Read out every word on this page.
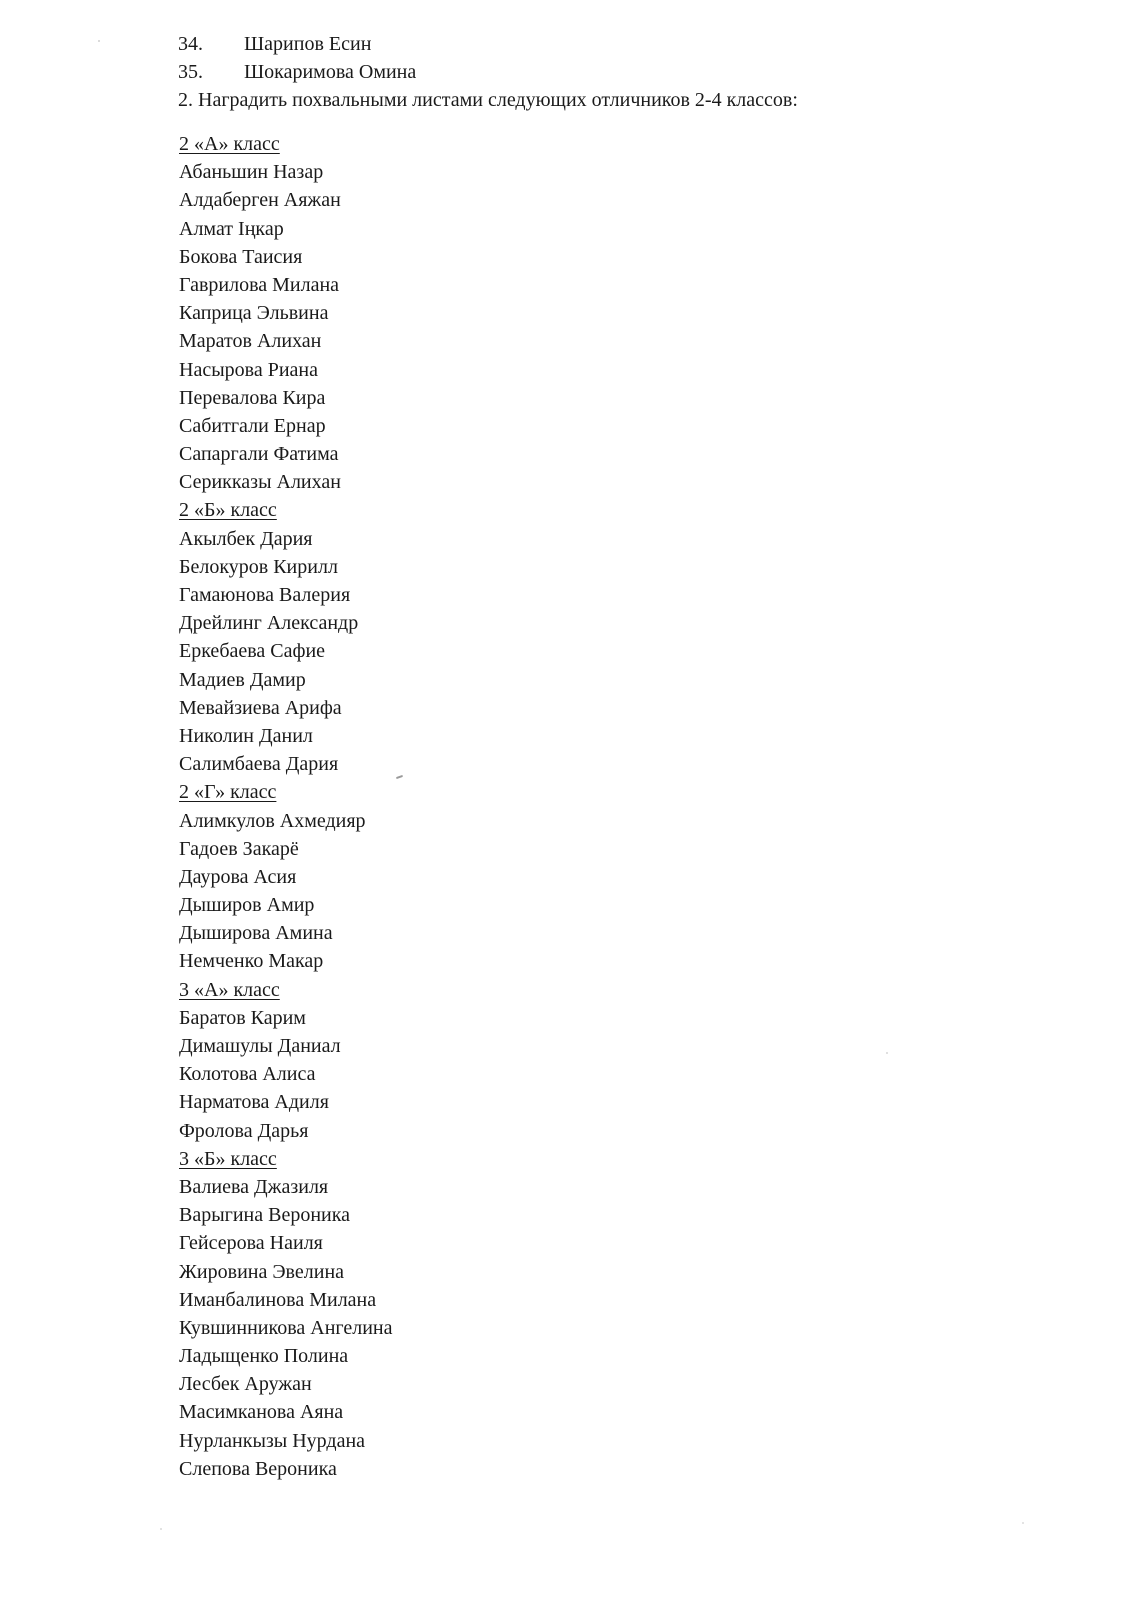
34.	Шарипов Есин
35.	Шокаримова Омина
2. Наградить похвальными листами следующих отличников 2-4 классов:
2 «А» класс
Абаньшин Назар
Алдаберген Аяжан
Алмат Іңкар
Бокова Таисия
Гаврилова Милана
Каприца Эльвина
Маратов Алихан
Насырова Риана
Перевалова Кира
Сабитгали Ернар
Сапаргали Фатима
Серикказы Алихан
2 «Б» класс
Акылбек Дария
Белокуров Кирилл
Гамаюнова Валерия
Дрейлинг Александр
Еркебаева Сафие
Мадиев Дамир
Мевайзиева Арифа
Николин Данил
Салимбаева Дария
2 «Г» класс
Алимкулов Ахмедияр
Гадоев Закарё
Даурова Асия
Дыширов Амир
Дыширова Амина
Немченко Макар
3 «А» класс
Баратов Карим
Димашулы Даниал
Колотова Алиса
Нарматова Адиля
Фролова Дарья
3 «Б» класс
Валиева Джазиля
Варыгина Вероника
Гейсерова Наиля
Жировина Эвелина
Иманбалинова Милана
Кувшинникова Ангелина
Ладыщенко Полина
Лесбек Аружан
Масимканова Аяна
Нурланкызы Нурдана
Слепова Вероника
